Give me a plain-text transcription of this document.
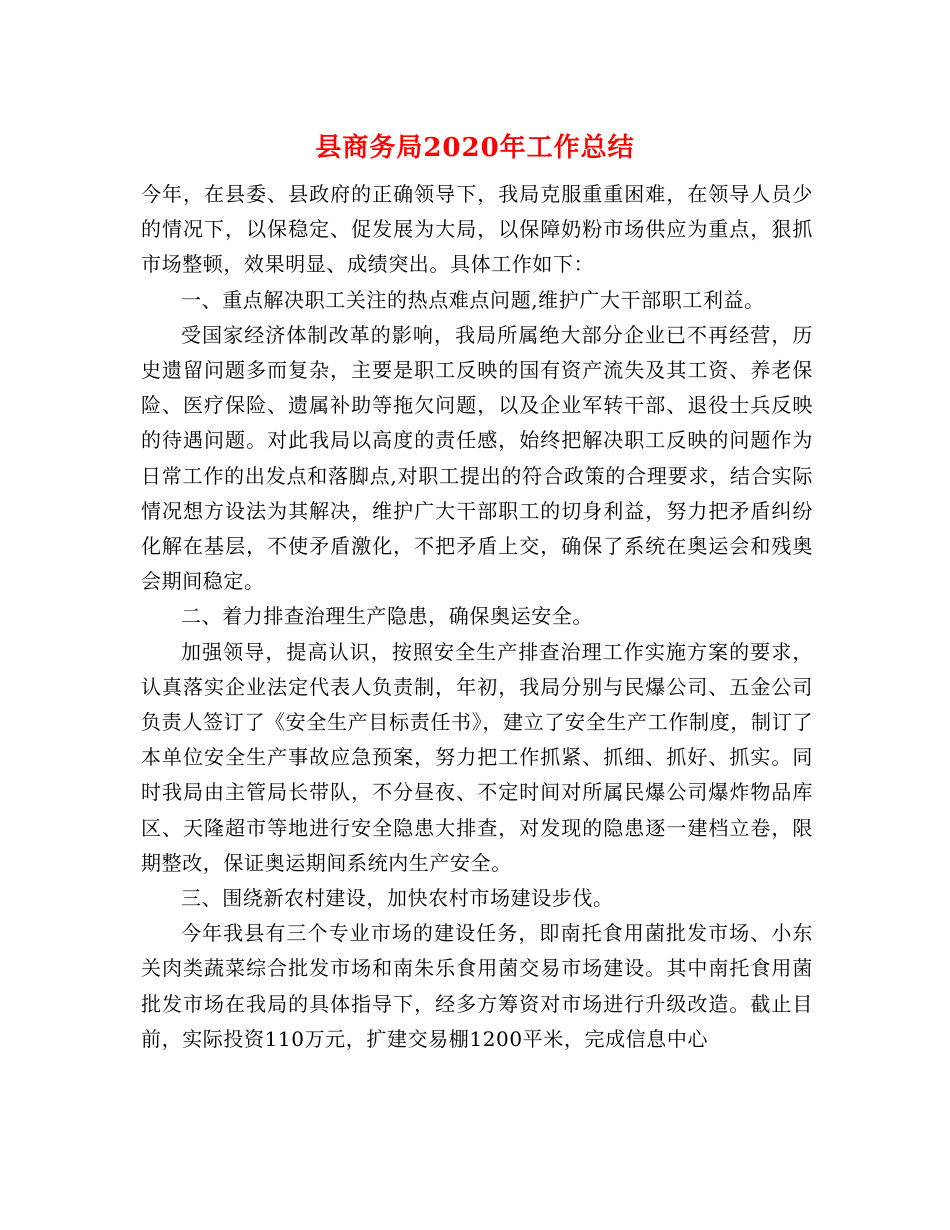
县商务局2020年工作总结

今年，在县委、县政府的正确领导下，我局克服重重困难，在领导人员少的情况下，以保稳定、促发展为大局，以保障奶粉市场供应为重点，狠抓市场整顿，效果明显、成绩突出。具体工作如下：

一、重点解决职工关注的热点难点问题,维护广大干部职工利益。

受国家经济体制改革的影响，我局所属绝大部分企业已不再经营，历史遗留问题多而复杂，主要是职工反映的国有资产流失及其工资、养老保险、医疗保险、遗属补助等拖欠问题，以及企业军转干部、退役士兵反映的待遇问题。对此我局以高度的责任感，始终把解决职工反映的问题作为日常工作的出发点和落脚点,对职工提出的符合政策的合理要求，结合实际情况想方设法为其解决，维护广大干部职工的切身利益，努力把矛盾纠纷化解在基层，不使矛盾激化，不把矛盾上交，确保了系统在奥运会和残奥会期间稳定。

二、着力排查治理生产隐患，确保奥运安全。

加强领导，提高认识，按照安全生产排查治理工作实施方案的要求，认真落实企业法定代表人负责制，年初，我局分别与民爆公司、五金公司负责人签订了《安全生产目标责任书》，建立了安全生产工作制度，制订了本单位安全生产事故应急预案，努力把工作抓紧、抓细、抓好、抓实。同时我局由主管局长带队，不分昼夜、不定时间对所属民爆公司爆炸物品库区、天隆超市等地进行安全隐患大排查，对发现的隐患逐一建档立卷，限期整改，保证奥运期间系统内生产安全。

三、围绕新农村建设，加快农村市场建设步伐。

今年我县有三个专业市场的建设任务，即南托食用菌批发市场、小东关肉类蔬菜综合批发市场和南朱乐食用菌交易市场建设。其中南托食用菌批发市场在我局的具体指导下，经多方筹资对市场进行升级改造。截止目前，实际投资110万元，扩建交易棚1200平米，完成信息中心
